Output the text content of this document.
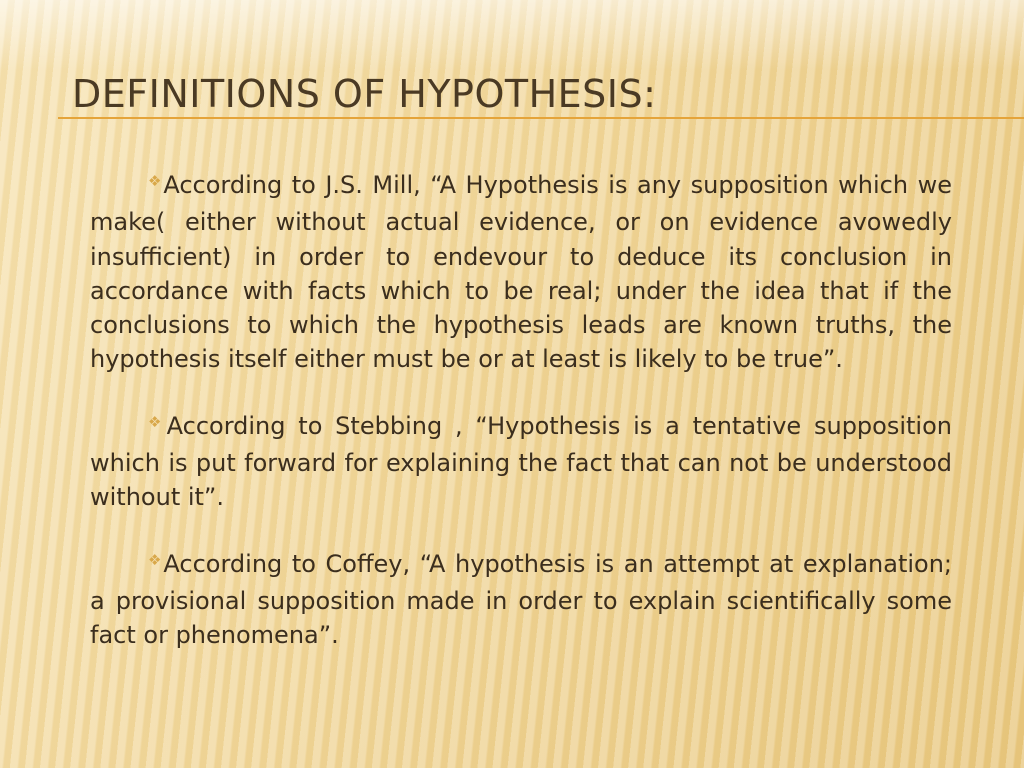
DEFINITIONS OF HYPOTHESIS:

❖According to J.S. Mill, “A Hypothesis is any supposition which we make( either without actual evidence, or on evidence avowedly insufficient) in order to endevour to deduce its conclusion in accordance with facts which to be real; under the idea that if the conclusions to which the hypothesis leads are known truths, the hypothesis itself either must be or at least is likely to be true”.

❖According to Stebbing , “Hypothesis is a tentative supposition which is put forward for explaining the fact that can not be understood without it”.

❖According to Coffey, “A hypothesis is an attempt at explanation; a provisional supposition made in order to explain scientifically some fact or phenomena”.
